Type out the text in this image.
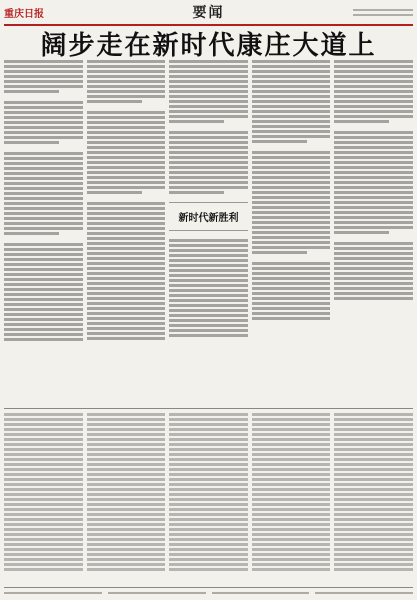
重庆日报	要闻
阔步走在新时代康庄大道上
新时代新胜利
